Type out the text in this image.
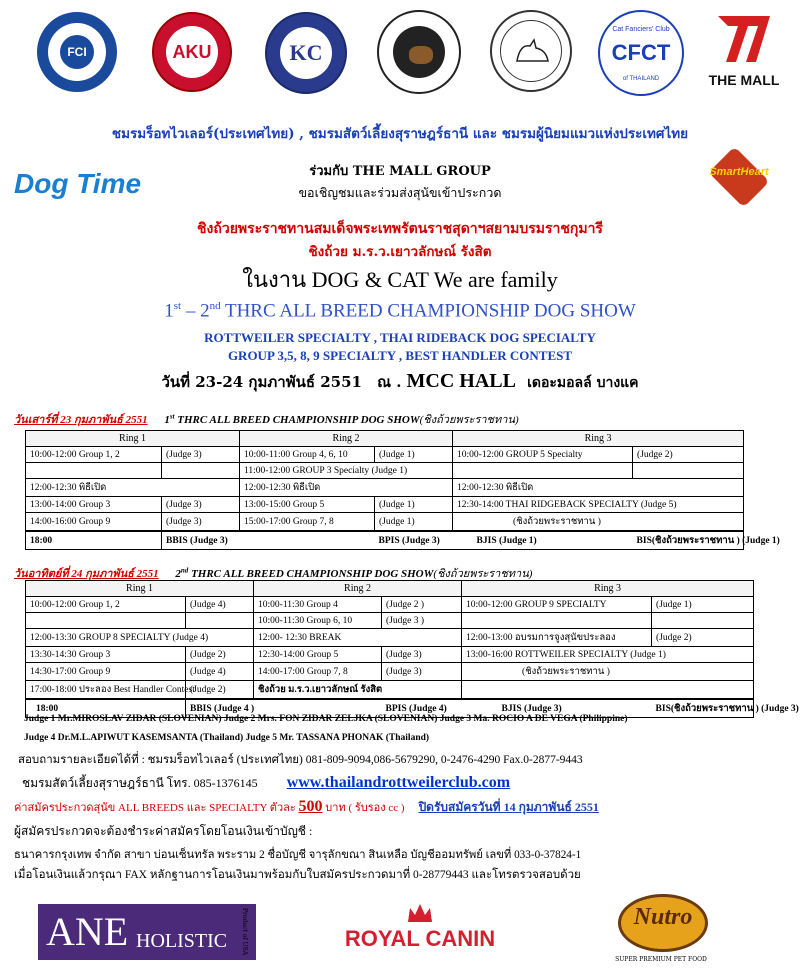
FCI	AKU	KC
Cat Fanciers' Club
CFCT
of THAILAND	THE MALL
ชมรมร็อทไวเลอร์(ประเทศไทย) , ชมรมสัตว์เลี้ยงสุราษฎร์ธานี และ ชมรมผู้นิยมแมวแห่งประเทศไทย
Dog Time	SmartHeart
ร่วมกับ THE MALL GROUP
ขอเชิญชมและร่วมส่งสุนัขเข้าประกวด
ชิงถ้วยพระราชทานสมเด็จพระเทพรัตนราชสุดาฯสยามบรมราชกุมารี
ชิงถ้วย ม.ร.ว.เยาวลักษณ์ รังสิต
ในงาน DOG & CAT We are family
1st – 2nd THRC ALL BREED CHAMPIONSHIP DOG SHOW
ROTTWEILER SPECIALTY , THAI RIDEBACK DOG SPECIALTY
GROUP 3,5, 8, 9 SPECIALTY , BEST HANDLER CONTEST
วันที่ 23-24 กุมภาพันธ์ 2551 ณ . MCC HALL เดอะมอลล์ บางแค
วันเสาร์ที่ 23 กุมภาพันธ์ 2551 1st THRC ALL BREED CHAMPIONSHIP DOG SHOW(ชิงถ้วยพระราชทาน)
Ring 1		Ring 2		Ring 3	
10:00-12:00 Group 1, 2	(Judge 3)	10:00-11:00 Group 4, 6, 10	(Judge 1)	10:00-12:00 GROUP 5 Specialty	(Judge 2)
		11:00-12:00 GROUP 3 Specialty (Judge 1)			
12:00-12:30 พิธีเปิด		12:00-12:30 พิธีเปิด		12:00-12:30 พิธีเปิด	
13:00-14:00 Group 3	(Judge 3)	13:00-15:00 Group 5	(Judge 1)	12:30-14:00 THAI RIDGEBACK SPECIALTY (Judge 5)	
14:00-16:00 Group 9	(Judge 3)	15:00-17:00 Group 7, 8	(Judge 1)	(ชิงถ้วยพระราชทาน )	
18:00	BBIS (Judge 3)		BPIS (Judge 3)	BJIS (Judge 1)	BIS(ชิงถ้วยพระราชทาน ) (Judge 1)
วันอาทิตย์ที่ 24 กุมภาพันธ์ 2551 2nd THRC ALL BREED CHAMPIONSHIP DOG SHOW(ชิงถ้วยพระราชทาน)
Ring 1		Ring 2		Ring 3	
10:00-12:00 Group 1, 2	(Judge 4)	10:00-11:30 Group 4	(Judge 2 )	10:00-12:00 GROUP 9 SPECIALTY	(Judge 1)
		10:00-11:30 Group 6, 10	(Judge 3 )		
12:00-13:30 GROUP 8 SPECIALTY (Judge 4)		12:00- 12:30 BREAK		12:00-13:00 อบรมการจูงสุนัขประลอง	(Judge 2)
13:30-14:30 Group 3	(Judge 2)	12:30-14:00 Group 5	(Judge 3)	13:00-16:00 ROTTWEILER SPECIALTY (Judge 1)	
14:30-17:00 Group 9	(Judge 4)	14:00-17:00 Group 7, 8	(Judge 3)	(ชิงถ้วยพระราชทาน )	
17:00-18:00 ประลอง Best Handler Contest	(Judge 2)	ชิงถ้วย ม.ร.ว.เยาวลักษณ์ รังสิต			
18:00	BBIS (Judge 4 )		BPIS (Judge 4)	BJIS (Judge 3)	BIS(ชิงถ้วยพระราชทาน ) (Judge 3)
Judge 1 Mr.MIROSLAV ZIDAR (SLOVENIAN) Judge 2 Mrs. FON ZIDAR ZELJKA (SLOVENIAN) Judge 3 Ma. ROCIO A DE VEGA (Philippine)
Judge 4 Dr.M.L.APIWUT KASEMSANTA (Thailand) Judge 5 Mr. TASSANA PHONAK (Thailand)
สอบถามรายละเอียดได้ที่ : ชมรมร็อทไวเลอร์ (ประเทศไทย) 081-809-9094,086-5679290, 0-2476-4290 Fax.0-2877-9443
ชมรมสัตว์เลี้ยงสุราษฎร์ธานี โทร. 085-1376145 www.thailandrottweilerclub.com
ค่าสมัครประกวดสุนัข ALL BREEDS และ SPECIALTY ตัวละ 500 บาท ( รับรอง cc ) ปิดรับสมัครวันที่ 14 กุมภาพันธ์ 2551
ผู้สมัครประกวดจะต้องชำระค่าสมัครโดยโอนเงินเข้าบัญชี :
ธนาคารกรุงเทพ จำกัด สาขา บ่อนเซ็นทรัล พระราม 2 ชื่อบัญชี จารุลักขณา สินเหลือ บัญชีออมทรัพย์ เลขที่ 033-0-37824-1
เมื่อโอนเงินแล้วกรุณา FAX หลักฐานการโอนเงินมาพร้อมกับใบสมัครประกวดมาที่ 0-28779443 และโทรตรวจสอบด้วย
ANE HOLISTIC Product of USA	ROYAL CANIN
Nutro
SUPER PREMIUM PET FOOD
